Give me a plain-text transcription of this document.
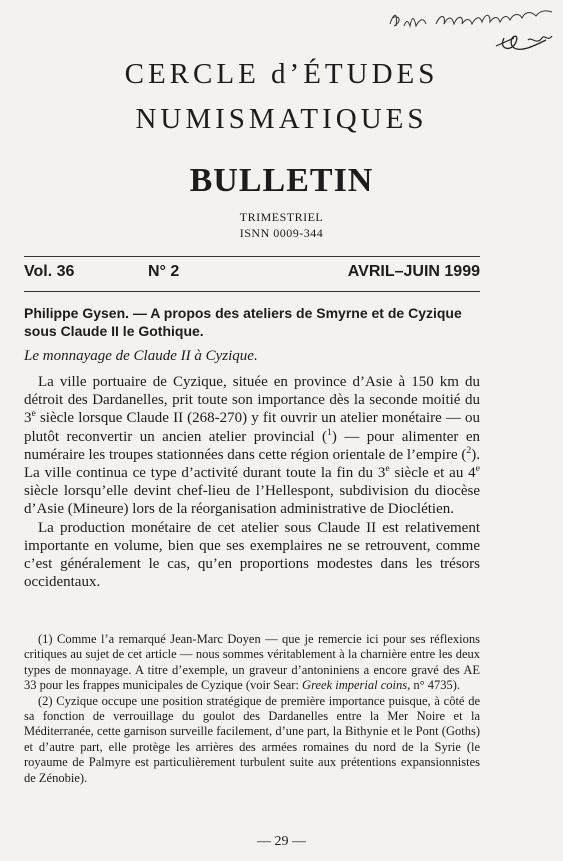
CERCLE d’ÉTUDES
NUMISMATIQUES
BULLETIN
TRIMESTRIEL
ISNN 0009-344
Vol. 36	N° 2	AVRIL–JUIN 1999
Philippe Gysen. — A propos des ateliers de Smyrne et de Cyzique sous Claude II le Gothique.
Le monnayage de Claude II à Cyzique.

La ville portuaire de Cyzique, située en province d’Asie à 150 km du détroit des Dardanelles, prit toute son importance dès la seconde moitié du 3e siècle lorsque Claude II (268-270) y fit ouvrir un atelier monétaire — ou plutôt reconvertir un ancien atelier provincial ($^1$) — pour alimenter en numéraire les troupes stationnées dans cette région orientale de l’empire ($^2$). La ville continua ce type d’activité durant toute la fin du 3e siècle et au 4e siècle lorsqu’elle devint chef-lieu de l’Hellespont, subdivision du diocèse d’Asie (Mineure) lors de la réorganisation administrative de Dioclétien.

La production monétaire de cet atelier sous Claude II est relativement importante en volume, bien que ses exemplaires ne se retrouvent, comme c’est généralement le cas, qu’en proportions modestes dans les trésors occidentaux.

(1) Comme l’a remarqué Jean-Marc Doyen — que je remercie ici pour ses réflexions critiques au sujet de cet article — nous sommes véritablement à la charnière entre les deux types de monnayage. A titre d’exemple, un graveur d’antoniniens a encore gravé des AE 33 pour les frappes municipales de Cyzique (voir Sear: Greek imperial coins, n° 4735).

(2) Cyzique occupe une position stratégique de première importance puisque, à côté de sa fonction de verrouillage du goulot des Dardanelles entre la Mer Noire et la Méditerranée, cette garnison surveille facilement, d’une part, la Bithynie et le Pont (Goths) et d’autre part, elle protège les arrières des armées romaines du nord de la Syrie (le royaume de Palmyre est particulièrement turbulent suite aux prétentions expansionnistes de Zénobie).

— 29 —
